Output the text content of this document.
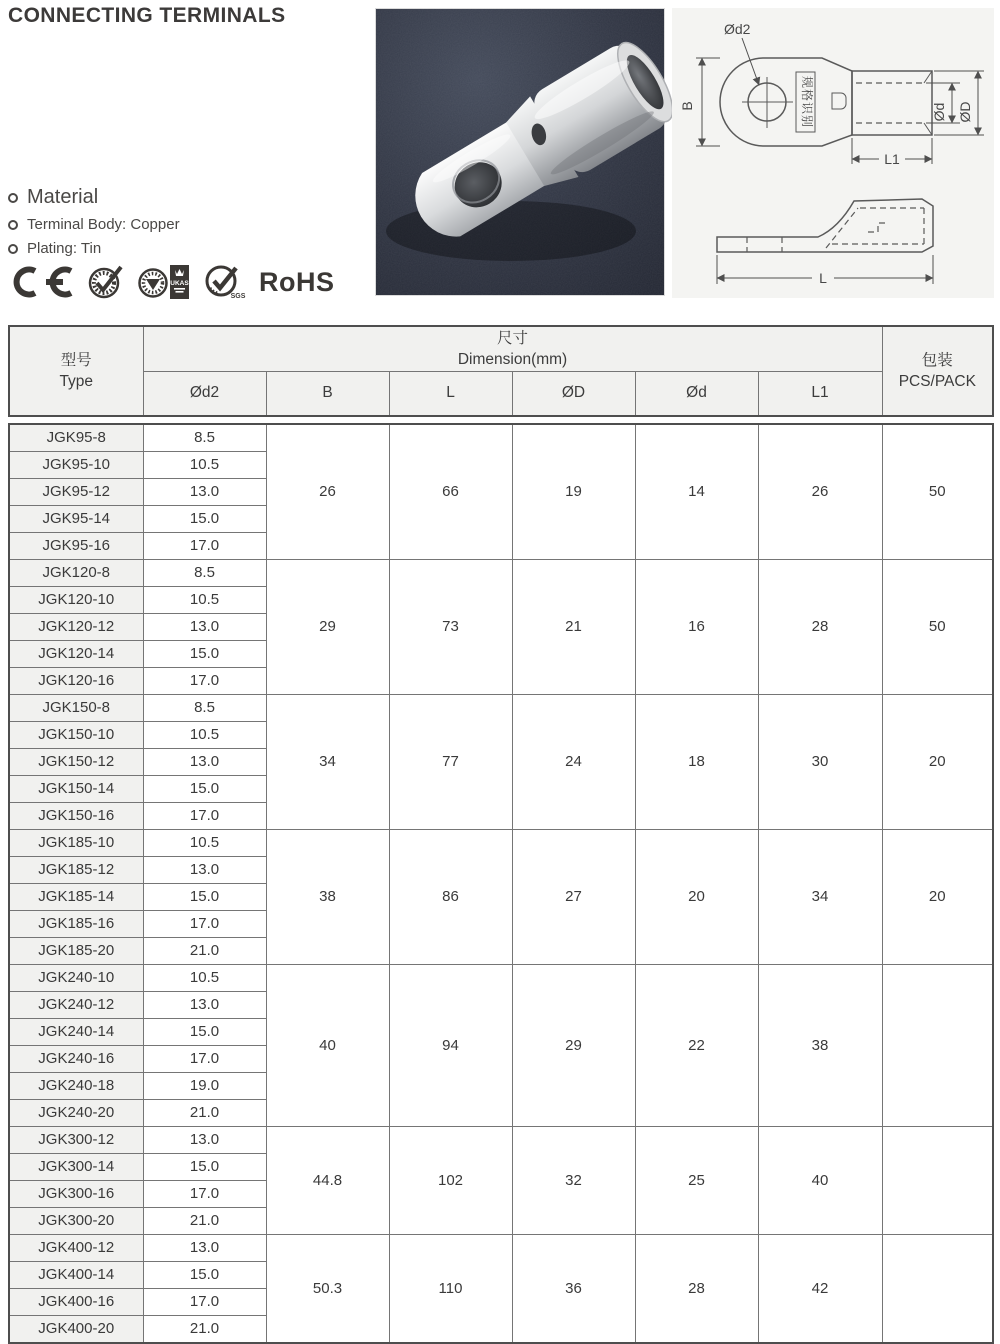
CONNECTING TERMINALS
规格识别
B
Ød2
Ød ØD
L1
L
Material
Terminal Body: Copper
Plating: Tin
UKAS
SGS RoHS
型号
Type

尺寸
Dimension(mm)	包装
PCS/PACK

	Ød2	B	L	ØD	Ød	L1	
JGK95-8	8.5	26	66	19	14	26	50
JGK95-10	10.5						
JGK95-12	13.0						
JGK95-14	15.0						
JGK95-16	17.0						
JGK120-8	8.5	29	73	21	16	28	50
JGK120-10	10.5						
JGK120-12	13.0						
JGK120-14	15.0						
JGK120-16	17.0						
JGK150-8	8.5	34	77	24	18	30	20
JGK150-10	10.5						
JGK150-12	13.0						
JGK150-14	15.0						
JGK150-16	17.0						
JGK185-10	10.5	38	86	27	20	34	20
JGK185-12	13.0						
JGK185-14	15.0						
JGK185-16	17.0						
JGK185-20	21.0						
JGK240-10	10.5	40	94	29	22	38	
JGK240-12	13.0						
JGK240-14	15.0						
JGK240-16	17.0						
JGK240-18	19.0						
JGK240-20	21.0						
JGK300-12	13.0	44.8	102	32	25	40	
JGK300-14	15.0						
JGK300-16	17.0						
JGK300-20	21.0						
JGK400-12	13.0	50.3	110	36	28	42	
JGK400-14	15.0						
JGK400-16	17.0						
JGK400-20	21.0						
